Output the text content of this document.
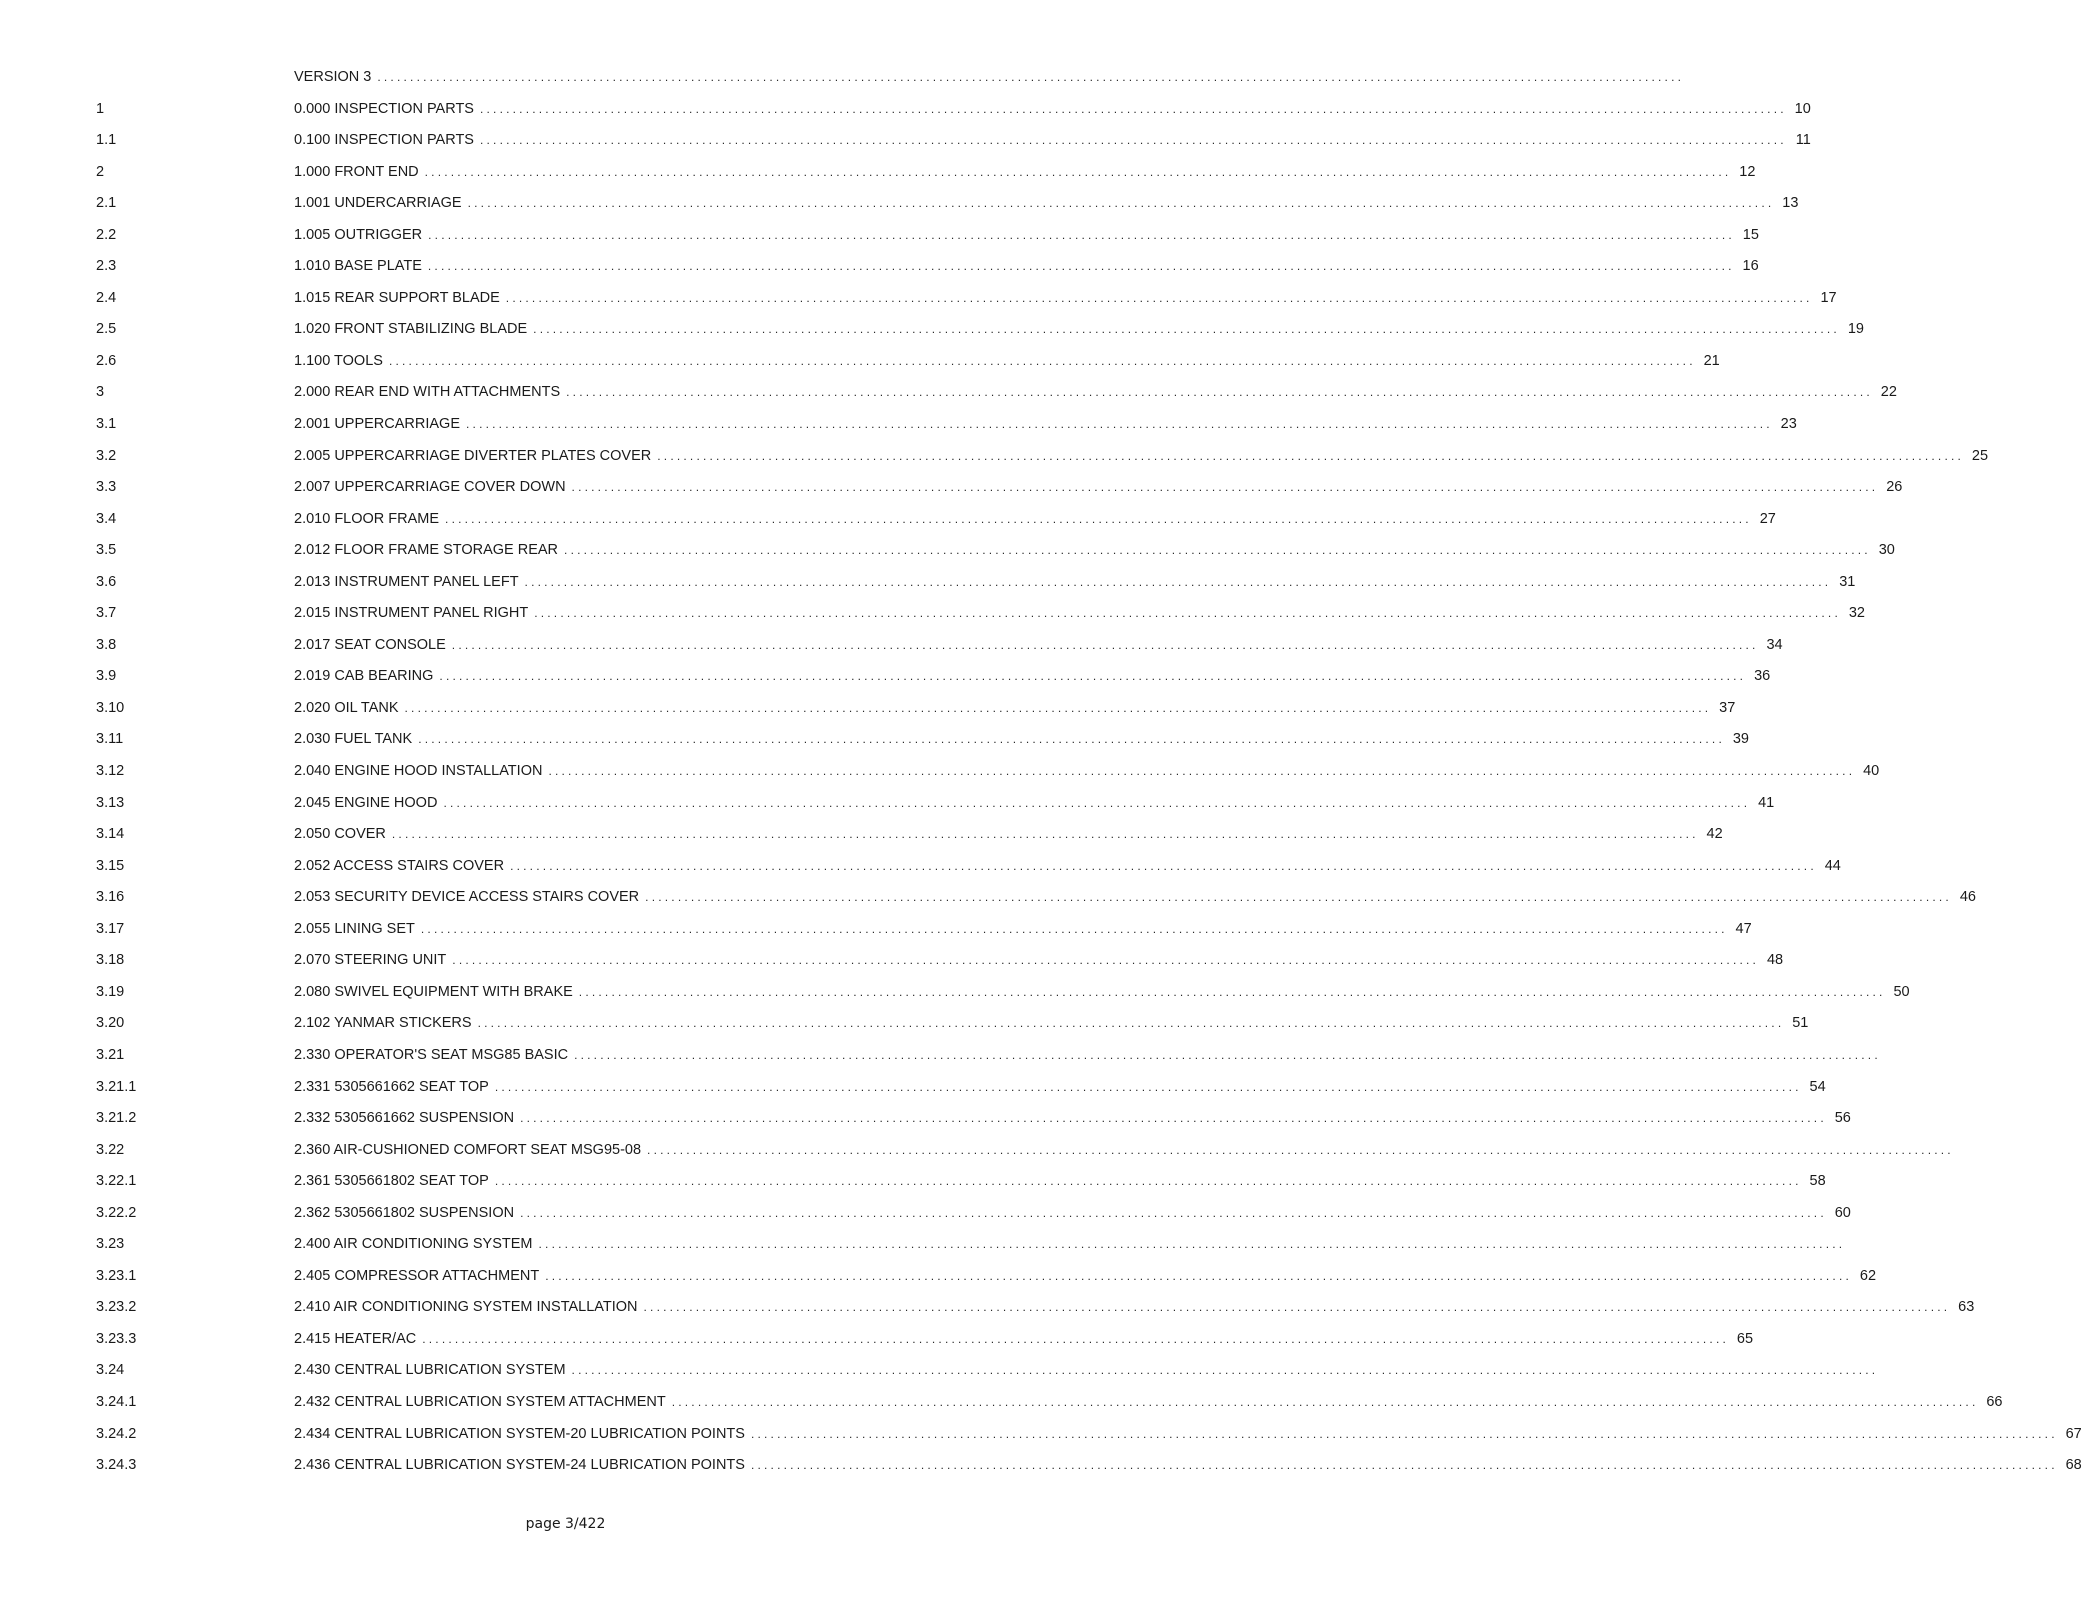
VERSION 3 ........................................................................................................................................................................................................
1	0.000 INSPECTION PARTS ........................................................................................................................................................................................................ 10
1.1	0.100 INSPECTION PARTS ........................................................................................................................................................................................................ 11
2	1.000 FRONT END ........................................................................................................................................................................................................ 12
2.1	1.001 UNDERCARRIAGE ........................................................................................................................................................................................................ 13
2.2	1.005 OUTRIGGER ........................................................................................................................................................................................................ 15
2.3	1.010 BASE PLATE ........................................................................................................................................................................................................ 16
2.4	1.015 REAR SUPPORT BLADE ........................................................................................................................................................................................................ 17
2.5	1.020 FRONT STABILIZING BLADE ........................................................................................................................................................................................................ 19
2.6	1.100 TOOLS ........................................................................................................................................................................................................ 21
3	2.000 REAR END WITH ATTACHMENTS ........................................................................................................................................................................................................ 22
3.1	2.001 UPPERCARRIAGE ........................................................................................................................................................................................................ 23
3.2	2.005 UPPERCARRIAGE DIVERTER PLATES COVER ........................................................................................................................................................................................................ 25
3.3	2.007 UPPERCARRIAGE COVER DOWN ........................................................................................................................................................................................................ 26
3.4	2.010 FLOOR FRAME ........................................................................................................................................................................................................ 27
3.5	2.012 FLOOR FRAME STORAGE REAR ........................................................................................................................................................................................................ 30
3.6	2.013 INSTRUMENT PANEL LEFT ........................................................................................................................................................................................................ 31
3.7	2.015 INSTRUMENT PANEL RIGHT ........................................................................................................................................................................................................ 32
3.8	2.017 SEAT CONSOLE ........................................................................................................................................................................................................ 34
3.9	2.019 CAB BEARING ........................................................................................................................................................................................................ 36
3.10	2.020 OIL TANK ........................................................................................................................................................................................................ 37
3.11	2.030 FUEL TANK ........................................................................................................................................................................................................ 39
3.12	2.040 ENGINE HOOD INSTALLATION ........................................................................................................................................................................................................ 40
3.13	2.045 ENGINE HOOD ........................................................................................................................................................................................................ 41
3.14	2.050 COVER ........................................................................................................................................................................................................ 42
3.15	2.052 ACCESS STAIRS COVER ........................................................................................................................................................................................................ 44
3.16	2.053 SECURITY DEVICE ACCESS STAIRS COVER ........................................................................................................................................................................................................ 46
3.17	2.055 LINING SET ........................................................................................................................................................................................................ 47
3.18	2.070 STEERING UNIT ........................................................................................................................................................................................................ 48
3.19	2.080 SWIVEL EQUIPMENT WITH BRAKE ........................................................................................................................................................................................................ 50
3.20	2.102 YANMAR STICKERS ........................................................................................................................................................................................................ 51
3.21	2.330 OPERATOR'S SEAT MSG85 BASIC ........................................................................................................................................................................................................
3.21.1	2.331 5305661662 SEAT TOP ........................................................................................................................................................................................................ 54
3.21.2	2.332 5305661662 SUSPENSION ........................................................................................................................................................................................................ 56
3.22	2.360 AIR-CUSHIONED COMFORT SEAT MSG95-08 ........................................................................................................................................................................................................
3.22.1	2.361 5305661802 SEAT TOP ........................................................................................................................................................................................................ 58
3.22.2	2.362 5305661802 SUSPENSION ........................................................................................................................................................................................................ 60
3.23	2.400 AIR CONDITIONING SYSTEM ........................................................................................................................................................................................................
3.23.1	2.405 COMPRESSOR ATTACHMENT ........................................................................................................................................................................................................ 62
3.23.2	2.410 AIR CONDITIONING SYSTEM INSTALLATION ........................................................................................................................................................................................................ 63
3.23.3	2.415 HEATER/AC ........................................................................................................................................................................................................ 65
3.24	2.430 CENTRAL LUBRICATION SYSTEM ........................................................................................................................................................................................................
3.24.1	2.432 CENTRAL LUBRICATION SYSTEM ATTACHMENT ........................................................................................................................................................................................................ 66
3.24.2	2.434 CENTRAL LUBRICATION SYSTEM-20 LUBRICATION POINTS ........................................................................................................................................................................................................ 67
3.24.3	2.436 CENTRAL LUBRICATION SYSTEM-24 LUBRICATION POINTS ........................................................................................................................................................................................................ 68
page 3/422
